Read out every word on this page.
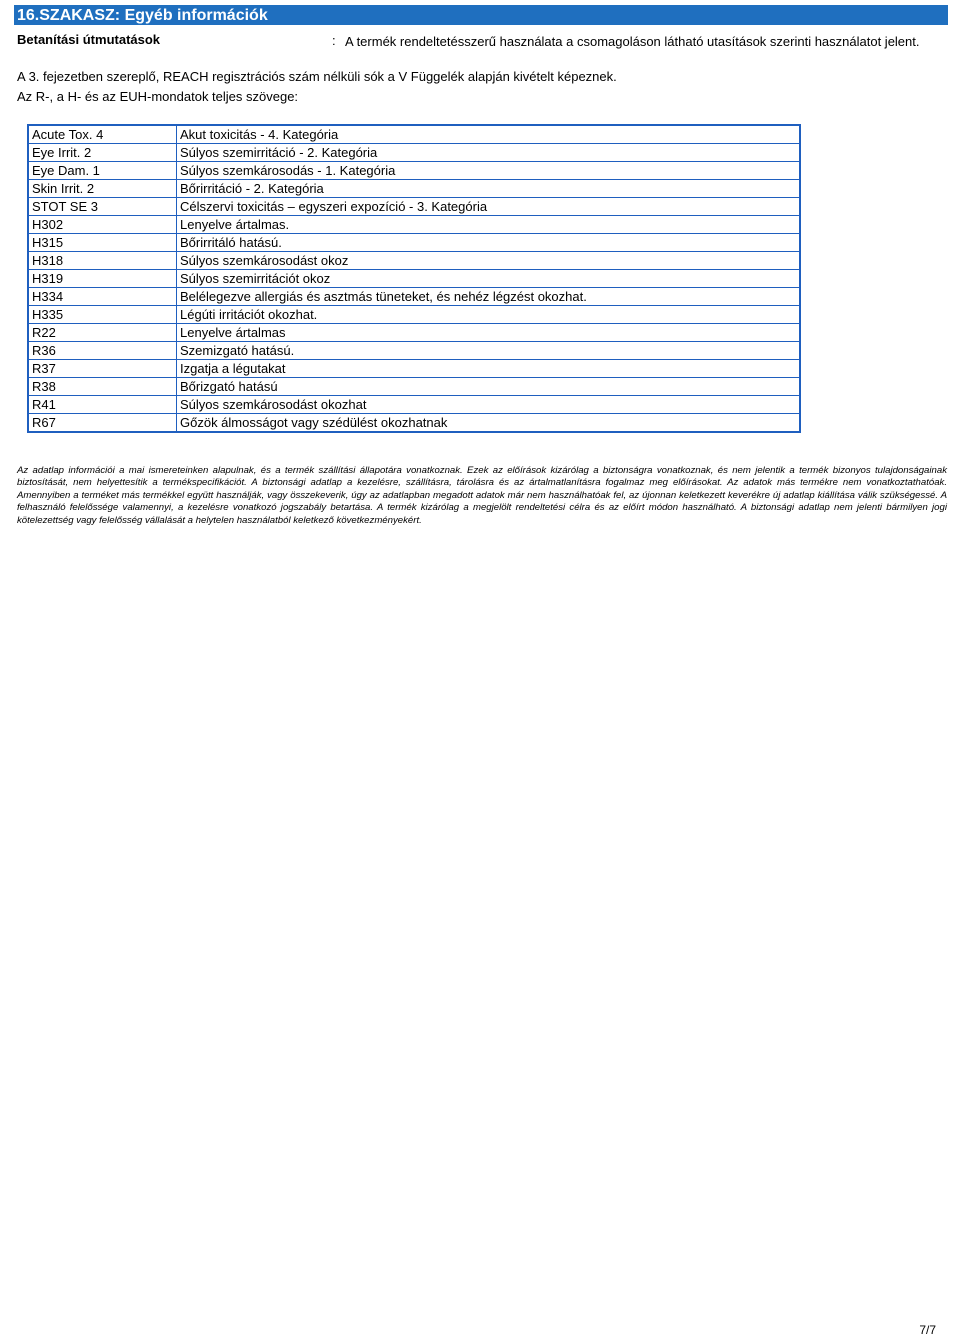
16.SZAKASZ: Egyéb információk
Betanítási útmutatások	: A termék rendeltetésszerű használata a csomagoláson látható utasítások szerinti használatot jelent.
A 3. fejezetben szereplő, REACH regisztrációs szám nélküli sók a V Függelék alapján kivételt képeznek.
Az R-, a H- és az EUH-mondatok teljes szövege:
Acute Tox. 4	Akut toxicitás - 4. Kategória
Eye Irrit. 2	Súlyos szemirritáció - 2. Kategória
Eye Dam. 1	Súlyos szemkárosodás - 1. Kategória
Skin Irrit. 2	Bőrirritáció - 2. Kategória
STOT SE 3	Célszervi toxicitás – egyszeri expozíció - 3. Kategória
H302	Lenyelve ártalmas.
H315	Bőrirritáló hatású.
H318	Súlyos szemkárosodást okoz
H319	Súlyos szemirritációt okoz
H334	Belélegezve allergiás és asztmás tüneteket, és nehéz légzést okozhat.
H335	Légúti irritációt okozhat.
R22	Lenyelve ártalmas
R36	Szemizgató hatású.
R37	Izgatja a légutakat
R38	Bőrizgató hatású
R41	Súlyos szemkárosodást okozhat
R67	Gőzök álmosságot vagy szédülést okozhatnak
Az adatlap információi a mai ismereteinken alapulnak, és a termék szállítási állapotára vonatkoznak. Ezek az előírások kizárólag a biztonságra vonatkoznak, és nem jelentik a termék bizonyos tulajdonságainak biztosítását, nem helyettesítik a termékspecifikációt. A biztonsági adatlap a kezelésre, szállításra, tárolásra és az ártalmatlanításra fogalmaz meg előírásokat. Az adatok más termékre nem vonatkoztathatóak. Amennyiben a terméket más termékkel együtt használják, vagy összekeverik, úgy az adatlapban megadott adatok már nem használhatóak fel, az újonnan keletkezett keverékre új adatlap kiállítása válik szükségessé. A felhasználó felelőssége valamennyi, a kezelésre vonatkozó jogszabály betartása. A termék kizárólag a megjelölt rendeltetési célra és az előírt módon használható. A biztonsági adatlap nem jelenti bármilyen jogi kötelezettség vagy felelősség vállalását a helytelen használatból keletkező következményekért.
7/7
